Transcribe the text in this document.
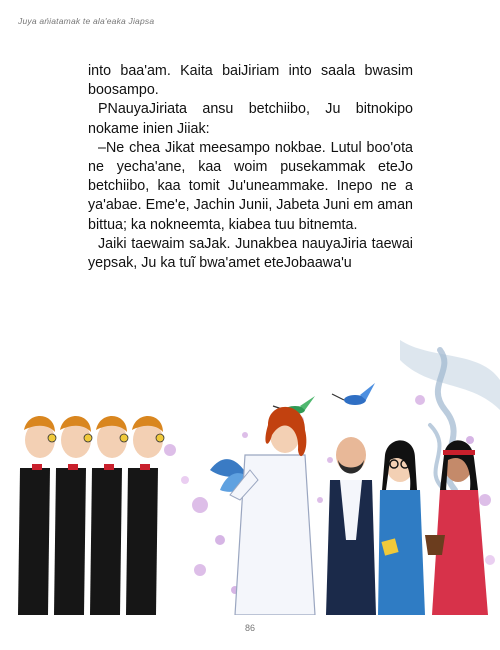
Juya ańiatamak te ala'eaka Jiapsa

into baa'am. Kaita baiJiriam into saala bwasim boosampo.

PNauyaJiriata ansu betchiibo, Ju bitnokipo nokame inien Jiiak:

–Ne chea Jikat meesampo nokbae. Lutul boo'ota ne yecha'ane, kaa woim pusekammak eteJo betchiibo, kaa tomit Ju'uneammake. Inepo ne a ya'abae. Eme'e, Jachin Junii, Jabeta Juni em aman bittua; ka nokneemta, kiabea tuu bitnemta.

Jaiki taewaim saJak. Junakbea nauyaJiria taewai yepsak, Ju ka tuĩ bwa'amet eteJobaawa'u

86
